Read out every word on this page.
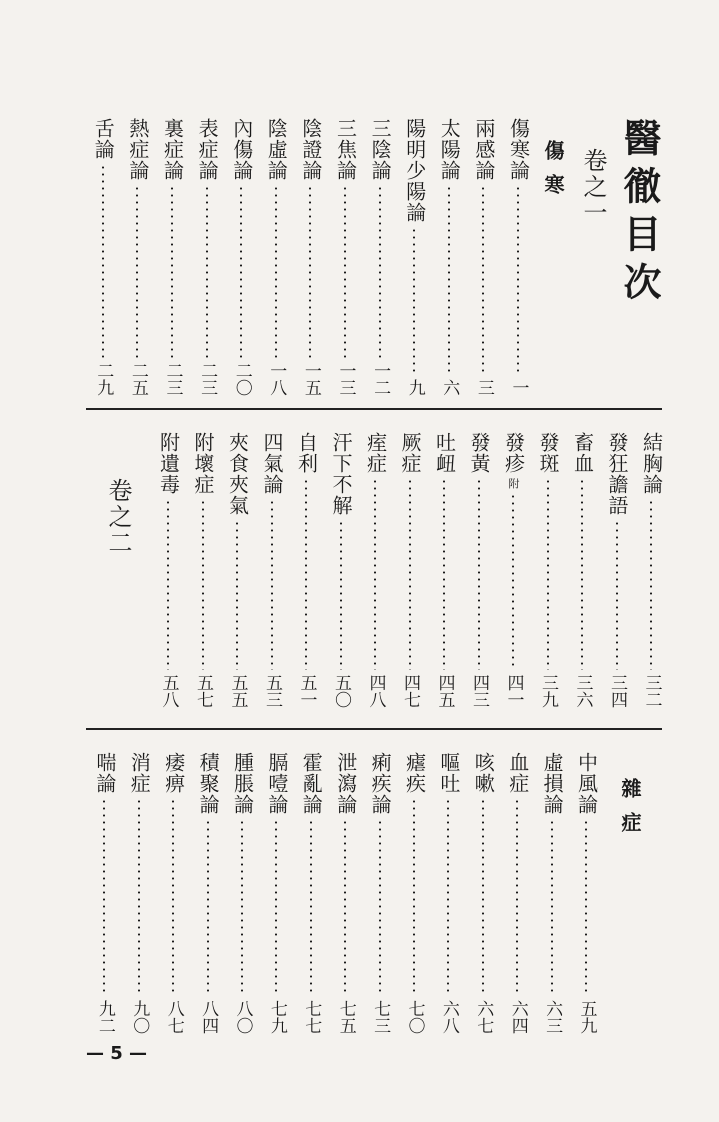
醫徹目次
卷之一
傷寒
傷寒論
一
兩感論
三
太陽論
六
陽明少陽論
九
三陰論
一二
三焦論
一三
陰證論
一五
陰虛論
一八
內傷論
二〇
表症論
二三
裏症論
二三
熱症論
二五
舌論
二九
卷之二
結胸論
三二
發狂譫語
三四
畜血
三六
發斑
三九
發疹
附
四一
發黃
四三
吐衄
四五
厥症
四七
痓症
四八
汗下不解
五〇
自利
五一
四氣論
五三
夾食夾氣
五五
附壞症
五七
附遺毒
五八
雜症
中風論
五九
虛損論
六三
血症
六四
咳嗽
六七
嘔吐
六八
瘧疾
七〇
痢疾論
七三
泄瀉論
七五
霍亂論
七七
膈噎論
七九
腫脹論
八〇
積聚論
八四
痿痹
八七
消症
九〇
喘論
九二
— 5 —
